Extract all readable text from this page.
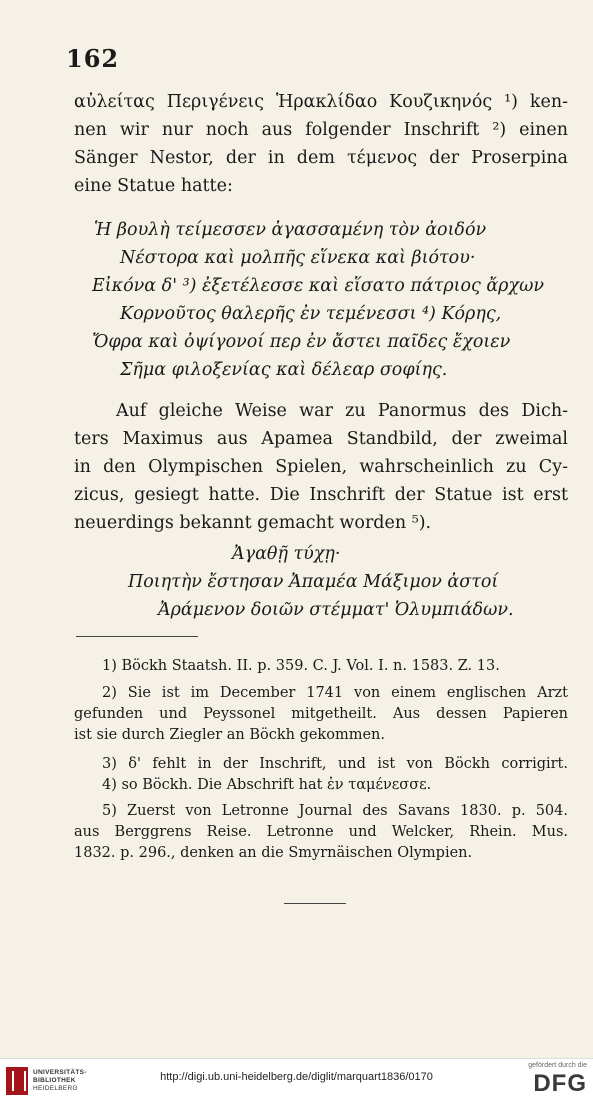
162
αὐλείτας Περιγένεις Ἡρακλίδαο Κουζικηνός ¹) ken-
nen wir nur noch aus folgender Inschrift ²) einen
Sänger Nestor, der in dem τέμενος der Proserpina
eine Statue hatte:
Ἡ βουλὴ τείμεσσεν ἀγασσαμένη τὸν ἀοιδόν
Νέστορα καὶ μολπῆς εἵνεκα καὶ βιότου·
Εἰκόνα δ' ³) ἐξετέλεσσε καὶ εἵσατο πάτριος ἄρχων
Κορνοῦτος θαλερῆς ἐν τεμένεσσι ⁴) Κόρης,
Ὄφρα καὶ ὀψίγονοί περ ἐν ἄστει παῖδες ἔχοιεν
Σῆμα φιλοξενίας καὶ δέλεαρ σοφίης.
Auf gleiche Weise war zu Panormus des Dich-
ters Maximus aus Apamea Standbild, der zweimal
in den Olympischen Spielen, wahrscheinlich zu Cy-
zicus, gesiegt hatte. Die Inschrift der Statue ist erst
neuerdings bekannt gemacht worden ⁵).
Ἀγαθῇ τύχῃ·
Ποιητὴν ἔστησαν Ἀπαμέα Μάξιμον ἀστοί
Ἀράμενον δοιῶν στέμματ' Ὀλυμπιάδων.
1) Böckh Staatsh. II. p. 359. C. J. Vol. I. n. 1583. Z. 13.
2) Sie ist im December 1741 von einem englischen Arzt
gefunden und Peyssonel mitgetheilt. Aus dessen Papieren
ist sie durch Ziegler an Böckh gekommen.
3) δ' fehlt in der Inschrift, und ist von Böckh corrigirt.
4) so Böckh. Die Abschrift hat ἐν ταμένεσσε.
5) Zuerst von Letronne Journal des Savans 1830. p. 504.
aus Berggrens Reise. Letronne und Welcker, Rhein. Mus.
1832. p. 296., denken an die Smyrnäischen Olympien.
UNIVERSITÄTS-
BIBLIOTHEK
HEIDELBERG
http://digi.ub.uni-heidelberg.de/diglit/marquart1836/0170
gefördert durch die
DFG
